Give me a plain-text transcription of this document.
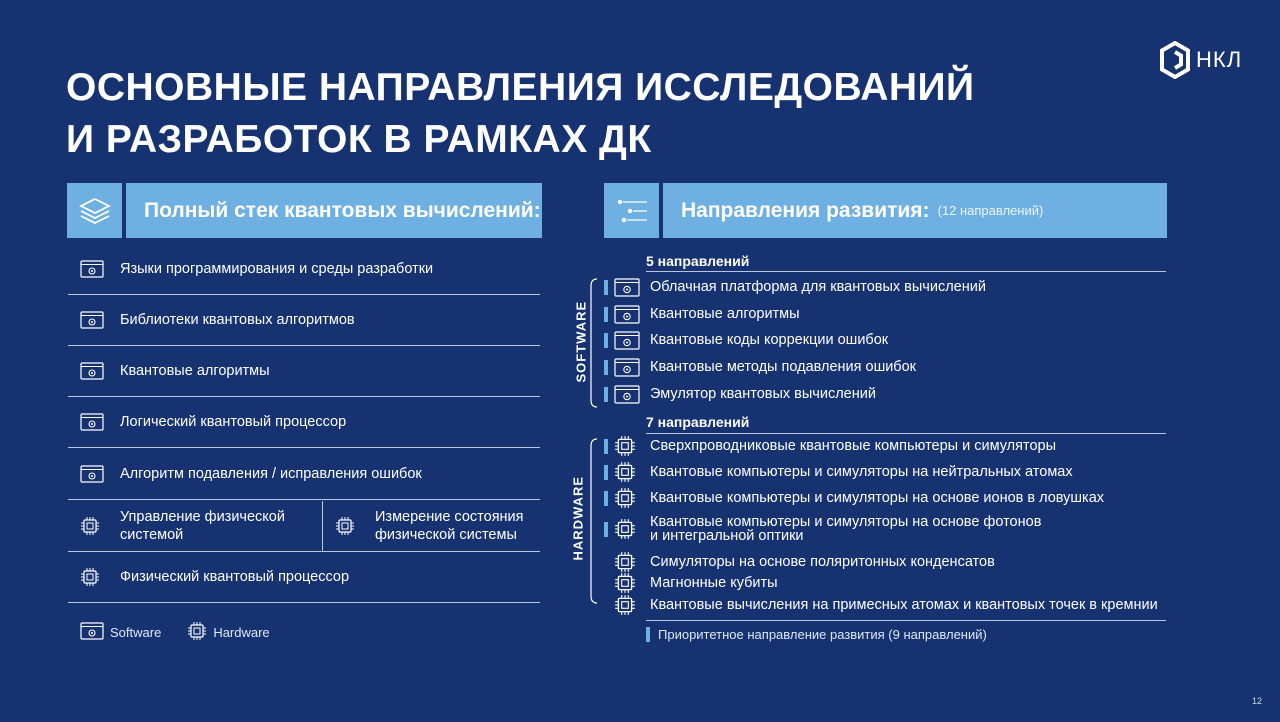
ОСНОВНЫЕ НАПРАВЛЕНИЯ ИССЛЕДОВАНИЙ
И РАЗРАБОТОК В РАМКАХ ДК
НКЛ
Полный стек квантовых вычислений:
Языки программирования и среды разработки
Библиотеки квантовых алгоритмов
Квантовые алгоритмы
Логический квантовый процессор
Алгоритм подавления / исправления ошибок
Управление физической системой
Измерение состояния физической системы
Физический квантовый процессор
Software	Hardware
Направления развития: (12 направлений)
5 направлений
SOFTWARE
Облачная платформа для квантовых вычислений
Квантовые алгоритмы
Квантовые коды коррекции ошибок
Квантовые методы подавления ошибок
Эмулятор квантовых вычислений
7 направлений
HARDWARE
Сверхпроводниковые квантовые компьютеры и симуляторы
Квантовые компьютеры и симуляторы на нейтральных атомах
Квантовые компьютеры и симуляторы на основе ионов в ловушках
Квантовые компьютеры и симуляторы на основе фотонов и интегральной оптики
Симуляторы на основе поляритонных конденсатов
Магнонные кубиты
Квантовые вычисления на примесных атомах и квантовых точек в кремнии
Приоритетное направление развития (9 направлений)
12
